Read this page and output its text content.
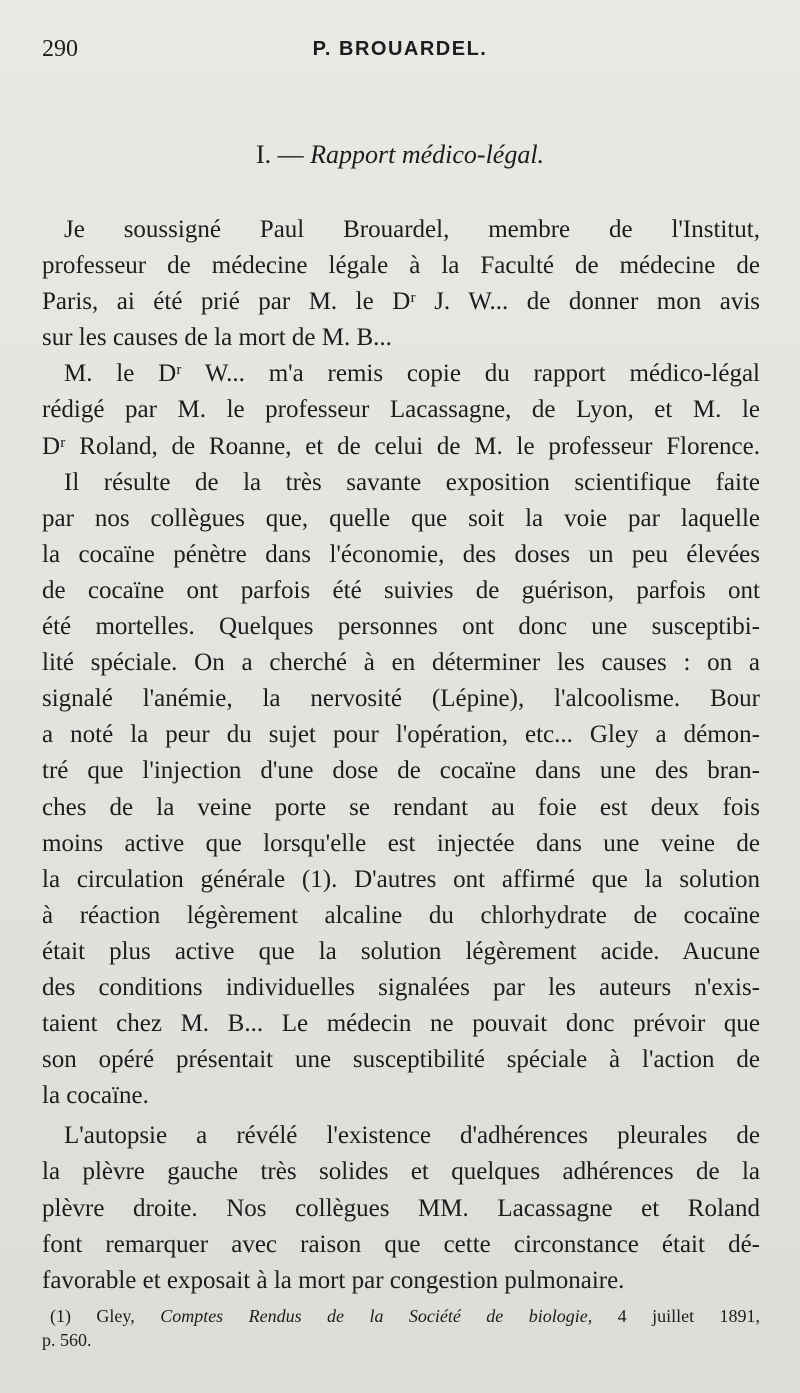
290	P. BROUARDEL.
I. — Rapport médico-légal.
Je soussigné Paul Brouardel, membre de l'Institut,
professeur de médecine légale à la Faculté de médecine de
Paris, ai été prié par M. le Dʳ J. W... de donner mon avis
sur les causes de la mort de M. B...
M. le Dʳ W... m'a remis copie du rapport médico-légal
rédigé par M. le professeur Lacassagne, de Lyon, et M. le
Dʳ Roland, de Roanne, et de celui de M. le professeur Florence.
Il résulte de la très savante exposition scientifique faite
par nos collègues que, quelle que soit la voie par laquelle
la cocaïne pénètre dans l'économie, des doses un peu élevées
de cocaïne ont parfois été suivies de guérison, parfois ont
été mortelles. Quelques personnes ont donc une susceptibi-
lité spéciale. On a cherché à en déterminer les causes : on a
signalé l'anémie, la nervosité (Lépine), l'alcoolisme. Bour
a noté la peur du sujet pour l'opération, etc... Gley a démon-
tré que l'injection d'une dose de cocaïne dans une des bran-
ches de la veine porte se rendant au foie est deux fois
moins active que lorsqu'elle est injectée dans une veine de
la circulation générale (1). D'autres ont affirmé que la solution
à réaction légèrement alcaline du chlorhydrate de cocaïne
était plus active que la solution légèrement acide. Aucune
des conditions individuelles signalées par les auteurs n'exis-
taient chez M. B... Le médecin ne pouvait donc prévoir que
son opéré présentait une susceptibilité spéciale à l'action de
la cocaïne.
L'autopsie a révélé l'existence d'adhérences pleurales de
la plèvre gauche très solides et quelques adhérences de la
plèvre droite. Nos collègues MM. Lacassagne et Roland
font remarquer avec raison que cette circonstance était dé-
favorable et exposait à la mort par congestion pulmonaire.
(1) Gley, Comptes Rendus de la Société de biologie, 4 juillet 1891,
p. 560.
